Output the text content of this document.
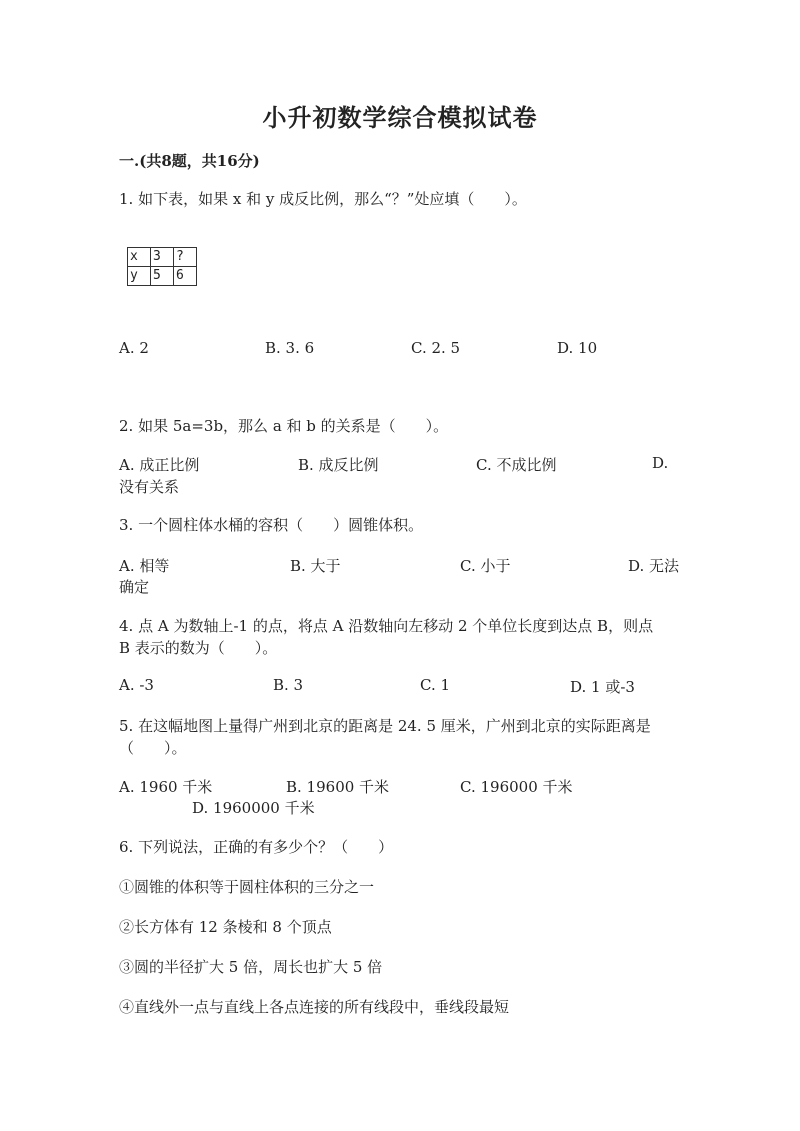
小升初数学综合模拟试卷
一.(共8题，共16分)
1. 如下表，如果 x 和 y 成反比例，那么“？”处应填（　　）。
x	3	?
y	5	6
A. 2	B. 3. 6	C. 2. 5	D. 10
2. 如果 5a=3b，那么 a 和 b 的关系是（　　）。
A. 成正比例	B. 成反比例	C. 不成比例	D.
没有关系
3. 一个圆柱体水桶的容积（　　）圆锥体积。
A. 相等	B. 大于	C. 小于	D. 无法
确定
4. 点 A 为数轴上-1 的点，将点 A 沿数轴向左移动 2 个单位长度到达点 B，则点
B 表示的数为（　　）。
A. -3	B. 3	C. 1	D. 1 或-3
5. 在这幅地图上量得广州到北京的距离是 24. 5 厘米，广州到北京的实际距离是
（　　）。
A. 1960 千米	B. 19600 千米	C. 196000 千米
D. 1960000 千米
6. 下列说法，正确的有多少个？（　　）
①圆锥的体积等于圆柱体积的三分之一
②长方体有 12 条棱和 8 个顶点
③圆的半径扩大 5 倍，周长也扩大 5 倍
④直线外一点与直线上各点连接的所有线段中，垂线段最短
